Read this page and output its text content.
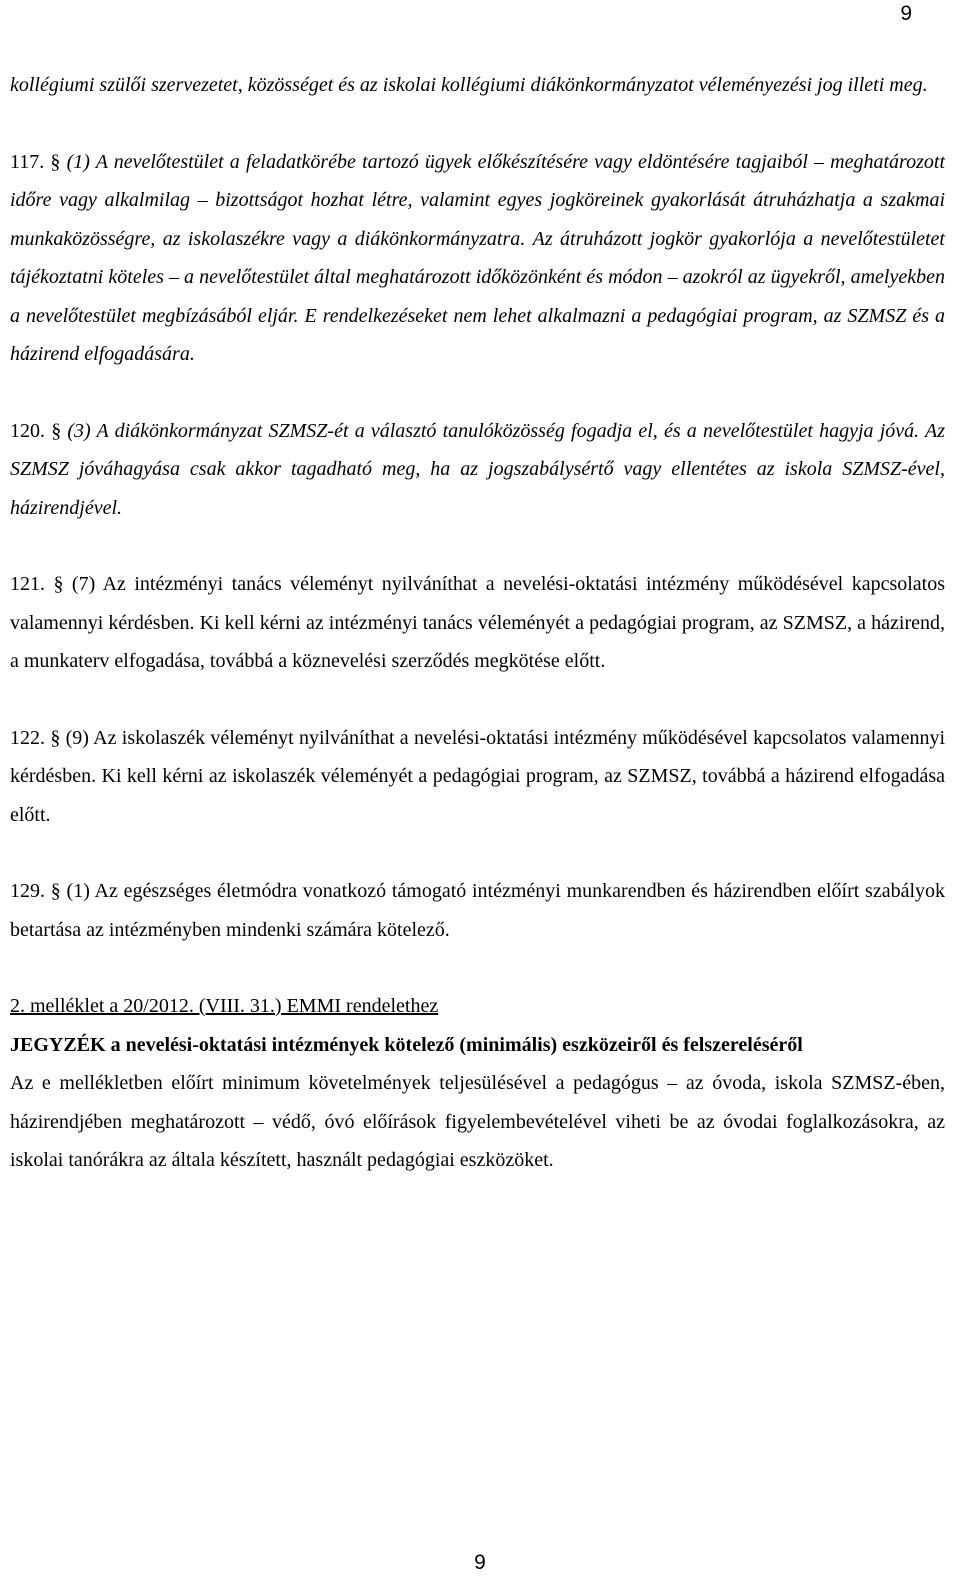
9

kollégiumi szülői szervezetet, közösséget és az iskolai kollégiumi diákönkormányzatot véleményezési jog illeti meg.

117. § (1) A nevelőtestület a feladatkörébe tartozó ügyek előkészítésére vagy eldöntésére tagjaiból – meghatározott időre vagy alkalmilag – bizottságot hozhat létre, valamint egyes jogköreinek gyakorlását átruházhatja a szakmai munkaközösségre, az iskolaszékre vagy a diákönkormányzatra. Az átruházott jogkör gyakorlója a nevelőtestületet tájékoztatni köteles – a nevelőtestület által meghatározott időközönként és módon – azokról az ügyekről, amelyekben a nevelőtestület megbízásából eljár. E rendelkezéseket nem lehet alkalmazni a pedagógiai program, az SZMSZ és a házirend elfogadására.

120. § (3) A diákönkormányzat SZMSZ-ét a választó tanulóközösség fogadja el, és a nevelőtestület hagyja jóvá. Az SZMSZ jóváhagyása csak akkor tagadható meg, ha az jogszabálysértő vagy ellentétes az iskola SZMSZ-ével, házirendjével.

121. § (7) Az intézményi tanács véleményt nyilváníthat a nevelési-oktatási intézmény működésével kapcsolatos valamennyi kérdésben. Ki kell kérni az intézményi tanács véleményét a pedagógiai program, az SZMSZ, a házirend, a munkaterv elfogadása, továbbá a köznevelési szerződés megkötése előtt.

122. § (9) Az iskolaszék véleményt nyilváníthat a nevelési-oktatási intézmény működésével kapcsolatos valamennyi kérdésben. Ki kell kérni az iskolaszék véleményét a pedagógiai program, az SZMSZ, továbbá a házirend elfogadása előtt.

129. § (1) Az egészséges életmódra vonatkozó támogató intézményi munkarendben és házirendben előírt szabályok betartása az intézményben mindenki számára kötelező.

2. melléklet a 20/2012. (VIII. 31.) EMMI rendelethez

JEGYZÉK a nevelési-oktatási intézmények kötelező (minimális) eszközeiről és felszereléséről

Az e mellékletben előírt minimum követelmények teljesülésével a pedagógus – az óvoda, iskola SZMSZ-ében, házirendjében meghatározott – védő, óvó előírások figyelembevételével viheti be az óvodai foglalkozásokra, az iskolai tanórákra az általa készített, használt pedagógiai eszközöket.

9
